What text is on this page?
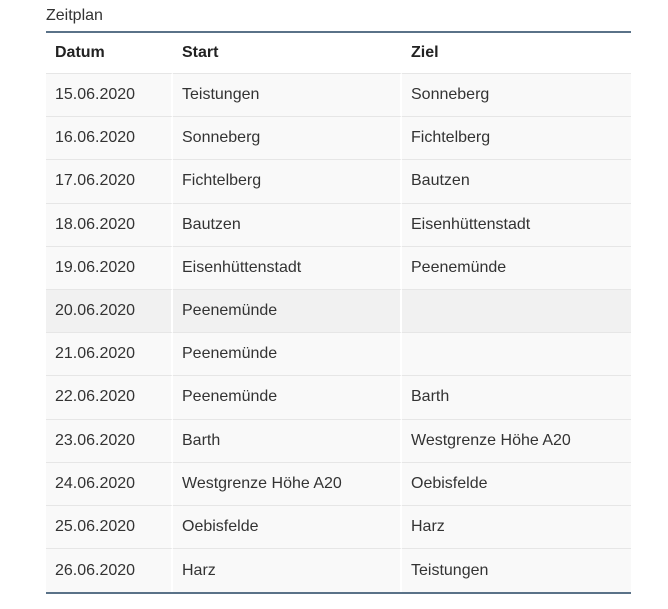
Zeitplan
Datum	Start	Ziel
15.06.2020	Teistungen	Sonneberg
16.06.2020	Sonneberg	Fichtelberg
17.06.2020	Fichtelberg	Bautzen
18.06.2020	Bautzen	Eisenhüttenstadt
19.06.2020	Eisenhüttenstadt	Peenemünde
20.06.2020	Peenemünde	
21.06.2020	Peenemünde	
22.06.2020	Peenemünde	Barth
23.06.2020	Barth	Westgrenze Höhe A20
24.06.2020	Westgrenze Höhe A20	Oebisfelde
25.06.2020	Oebisfelde	Harz
26.06.2020	Harz	Teistungen
